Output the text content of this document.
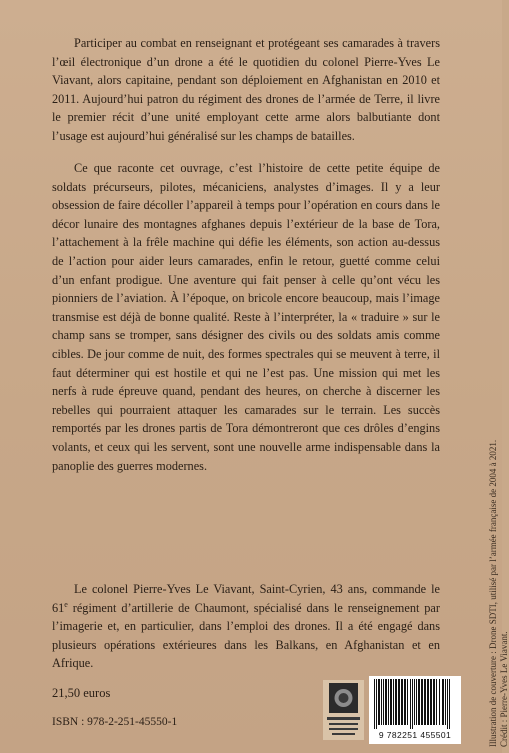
Participer au combat en renseignant et protégeant ses camarades à travers l’œil électronique d’un drone a été le quotidien du colonel Pierre-Yves Le Viavant, alors capitaine, pendant son déploiement en Afghanistan en 2010 et 2011. Aujourd’hui patron du régiment des drones de l’armée de Terre, il livre le premier récit d’une unité employant cette arme alors balbutiante dont l’usage est aujourd’hui généralisé sur les champs de batailles.

Ce que raconte cet ouvrage, c’est l’histoire de cette petite équipe de soldats précurseurs, pilotes, mécaniciens, analystes d’images. Il y a leur obsession de faire décoller l’appareil à temps pour l’opération en cours dans le décor lunaire des montagnes afghanes depuis l’extérieur de la base de Tora, l’attachement à la frêle machine qui défie les éléments, son action au-dessus de l’action pour aider leurs camarades, enfin le retour, guetté comme celui d’un enfant prodigue. Une aventure qui fait penser à celle qu’ont vécu les pionniers de l’aviation. À l’époque, on bricole encore beaucoup, mais l’image transmise est déjà de bonne qualité. Reste à l’interpréter, la « traduire » sur le champ sans se tromper, sans désigner des civils ou des soldats amis comme cibles. De jour comme de nuit, des formes spectrales qui se meuvent à terre, il faut déterminer qui est hostile et qui ne l’est pas. Une mission qui met les nerfs à rude épreuve quand, pendant des heures, on cherche à discerner les rebelles qui pourraient attaquer les camarades sur le terrain. Les succès remportés par les drones partis de Tora démontreront que ces drôles d’engins volants, et ceux qui les servent, sont une nouvelle arme indispensable dans la panoplie des guerres modernes.

Le colonel Pierre-Yves Le Viavant, Saint-Cyrien, 43 ans, commande le 61e régiment d’artillerie de Chaumont, spécialisé dans le renseignement par l’imagerie et, en particulier, dans l’emploi des drones. Il a été engagé dans plusieurs opérations extérieures dans les Balkans, en Afghanistan et en Afrique.

21,50 euros
ISBN : 978-2-251-45550-1
9 782251 455501	Illustration de couverture : Drone SDTI, utilisé par l’armée française de 2004 à 2021. Crédit : Pierre-Yves Le Viavant.
